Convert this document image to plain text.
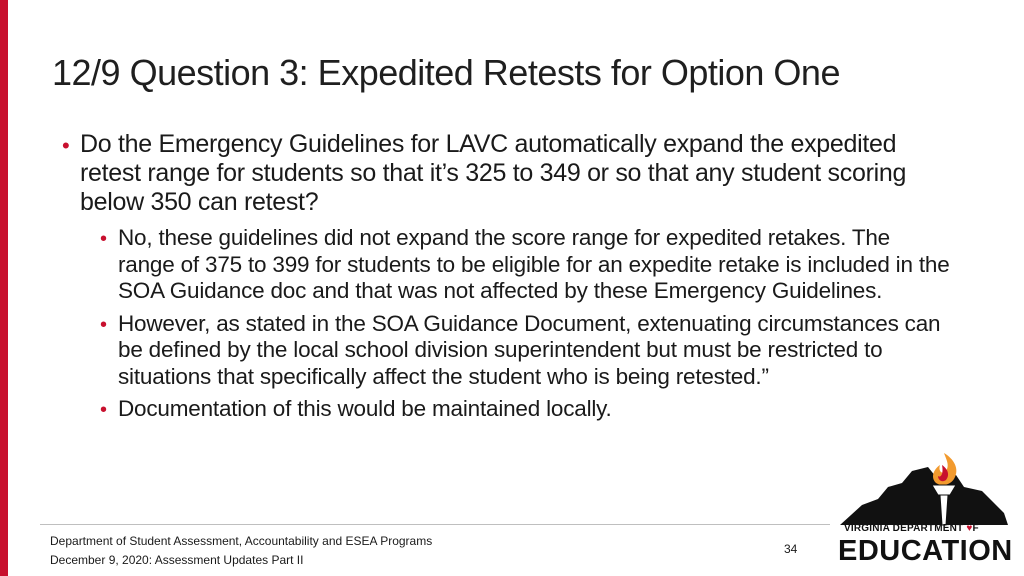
12/9 Question 3: Expedited Retests for Option One
• Do the Emergency Guidelines for LAVC automatically expand the expedited retest range for students so that it’s 325 to 349 or so that any student scoring below 350 can retest?
• No, these guidelines did not expand the score range for expedited retakes. The range of 375 to 399 for students to be eligible for an expedite retake is included in the SOA Guidance doc and that was not affected by these Emergency Guidelines.
• However, as stated in the SOA Guidance Document, extenuating circumstances can be defined by the local school division superintendent but must be restricted to situations that specifically affect the student who is being retested.”
• Documentation of this would be maintained locally.
Department of Student Assessment, Accountability and ESEA Programs
December 9, 2020: Assessment Updates Part II
34
VIRGINIA DEPARTMENT ♥F
EDUCATION
